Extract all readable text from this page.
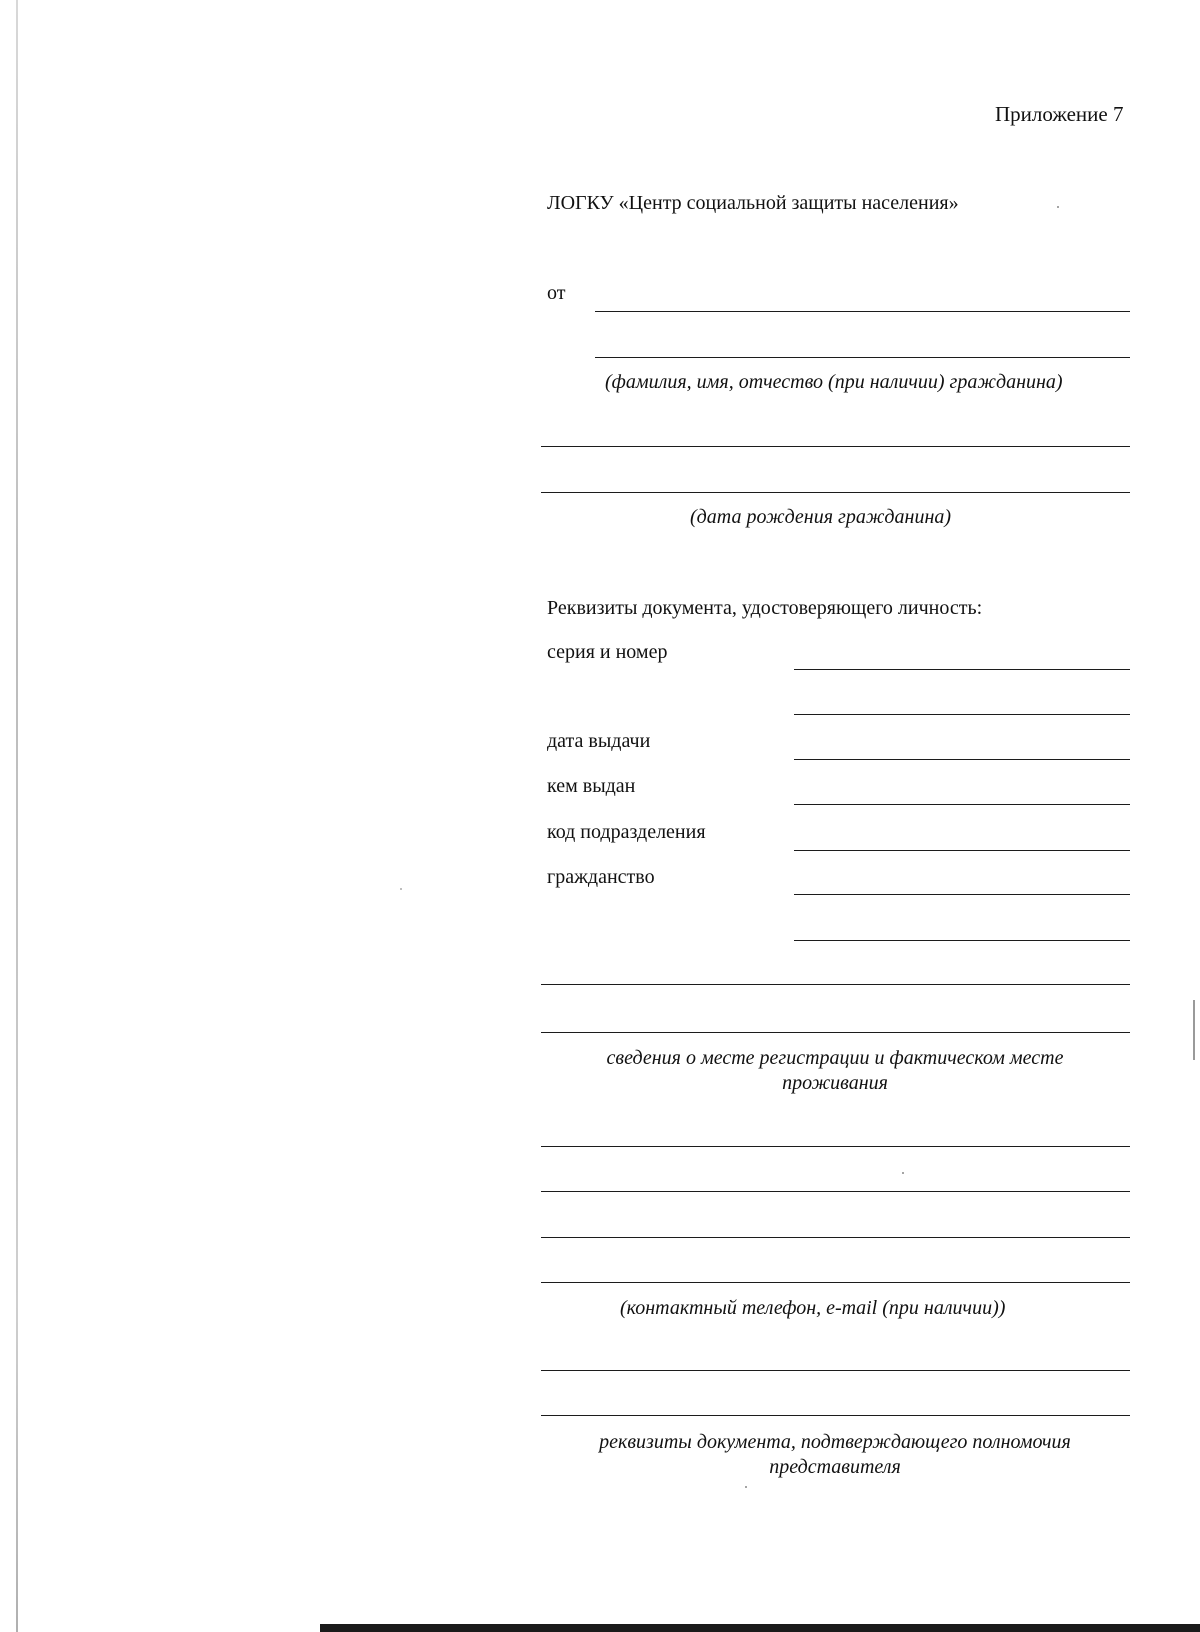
Приложение 7
ЛОГКУ «Центр социальной защиты населения»
от
(фамилия, имя, отчество (при наличии) гражданина)
(дата рождения гражданина)
Реквизиты документа, удостоверяющего личность:
серия и номер
дата выдачи
кем выдан
код подразделения
гражданство
сведения о месте регистрации и фактическом месте проживания
(контактный телефон, e-mail (при наличии))
реквизиты документа, подтверждающего полномочия представителя
